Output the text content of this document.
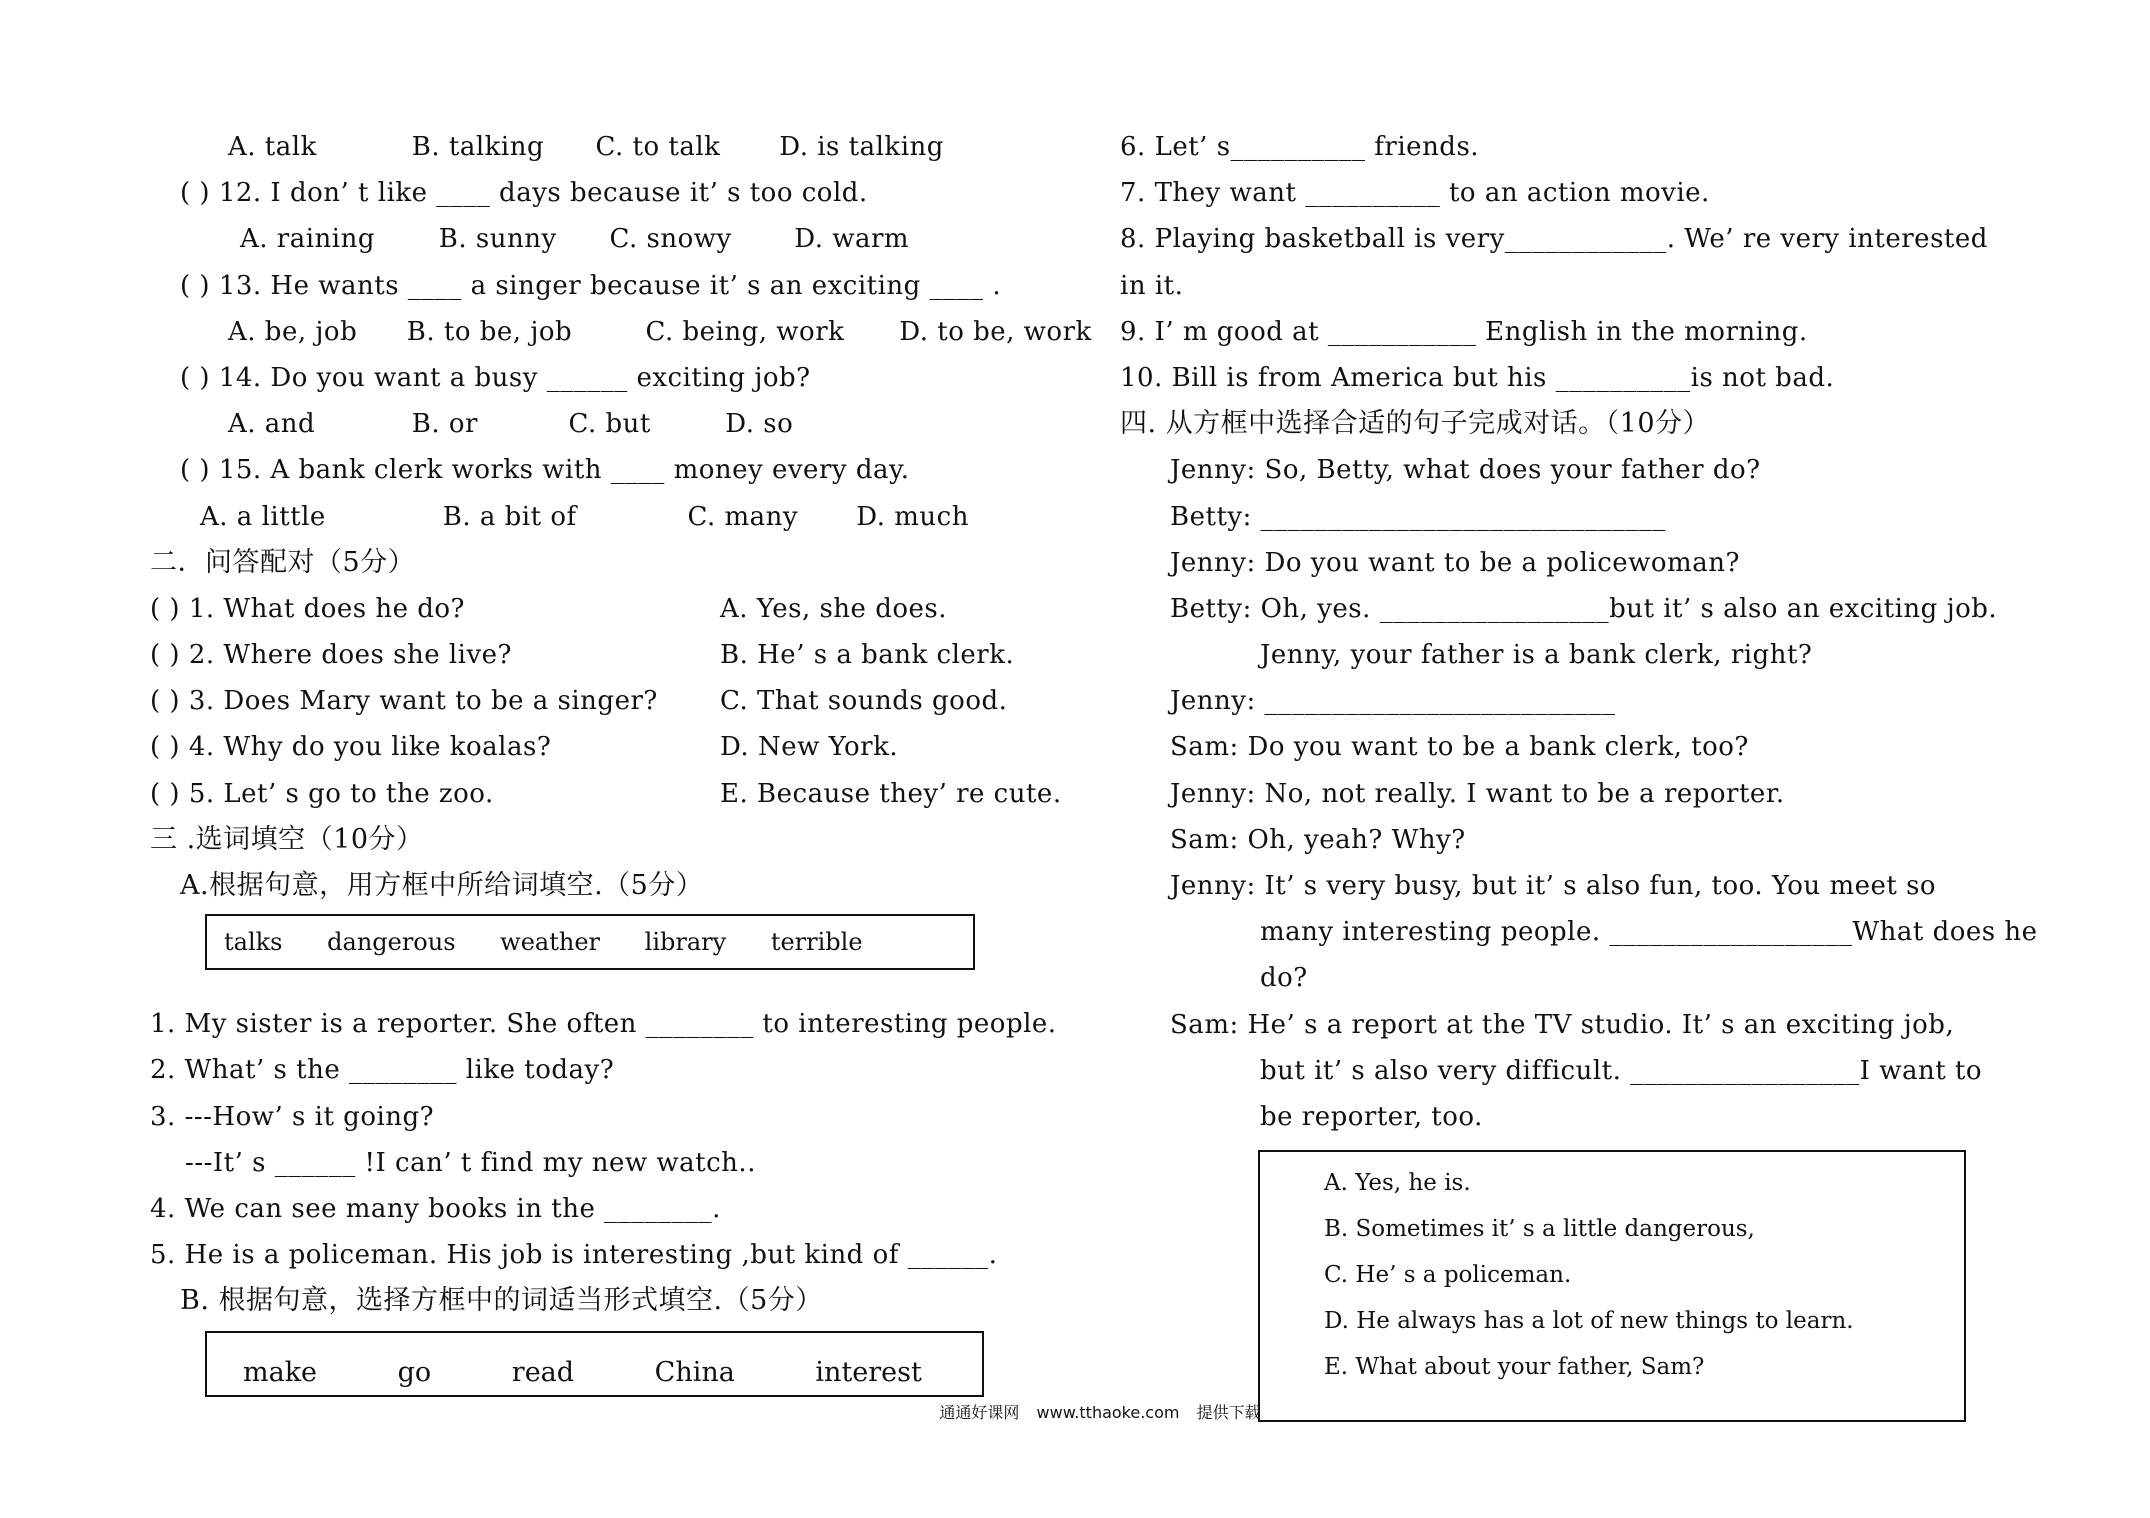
A. talk	B. talking C. to talk D. is talking
( ) 12. I don’ t like ____ days because it’ s too cold.
A. raining B. sunny C. snowy D. warm
( ) 13. He wants ____ a singer because it’ s an exciting ____ .
A. be, job B. to be, job	C. being, work D. to be, work
( ) 14. Do you want a busy ______ exciting job?
A. and	B. or	C. but	D. so
( ) 15. A bank clerk works with ____ money every day.
A. a little	B. a bit of	C. many D. much
二．问答配对（5分）
( ) 1. What does he do?	A. Yes, she does.
( ) 2. Where does she live?	B. He’ s a bank clerk.
( ) 3. Does Mary want to be a singer?	C. That sounds good.
( ) 4. Why do you like koalas?	D. New York.
( ) 5. Let’ s go to the zoo.	E. Because they’ re cute.
三 .选词填空（10分）
A.根据句意，用方框中所给词填空.（5分）
1. My sister is a reporter. She often ________ to interesting people.
2. What’ s the ________ like today?
3. ---How’ s it going?
---It’ s ______ !I can’ t find my new watch..
4. We can see many books in the ________.
5. He is a policeman. His job is interesting ,but kind of ______.
B. 根据句意，选择方框中的词适当形式填空.（5分）
talks dangerous weather library terrible
make	go	read	China	interest
6. Let’ s__________ friends.
7. They want __________ to an action movie.
8. Playing basketball is very____________. We’ re very interested
in it.
9. I’ m good at ___________ English in the morning.
10. Bill is from America but his __________is not bad.
四. 从方框中选择合适的句子完成对话。（10分）
Jenny: So, Betty, what does your father do?
Betty: ______________________________
Jenny: Do you want to be a policewoman?
Betty: Oh, yes. _________________but it’ s also an exciting job.
Jenny, your father is a bank clerk, right?
Jenny: __________________________
Sam: Do you want to be a bank clerk, too?
Jenny: No, not really. I want to be a reporter.
Sam: Oh, yeah? Why?
Jenny: It’ s very busy, but it’ s also fun, too. You meet so
many interesting people. __________________What does he
do?
Sam: He’ s a report at the TV studio. It’ s an exciting job,
but it’ s also very difficult. _________________I want to
be reporter, too.
A. Yes, he is.
B. Sometimes it’ s a little dangerous,
C. He’ s a policeman.
D. He always has a lot of new things to learn.
E. What about your father, Sam?
通通好课网 www.tthaoke.com 提供下载
